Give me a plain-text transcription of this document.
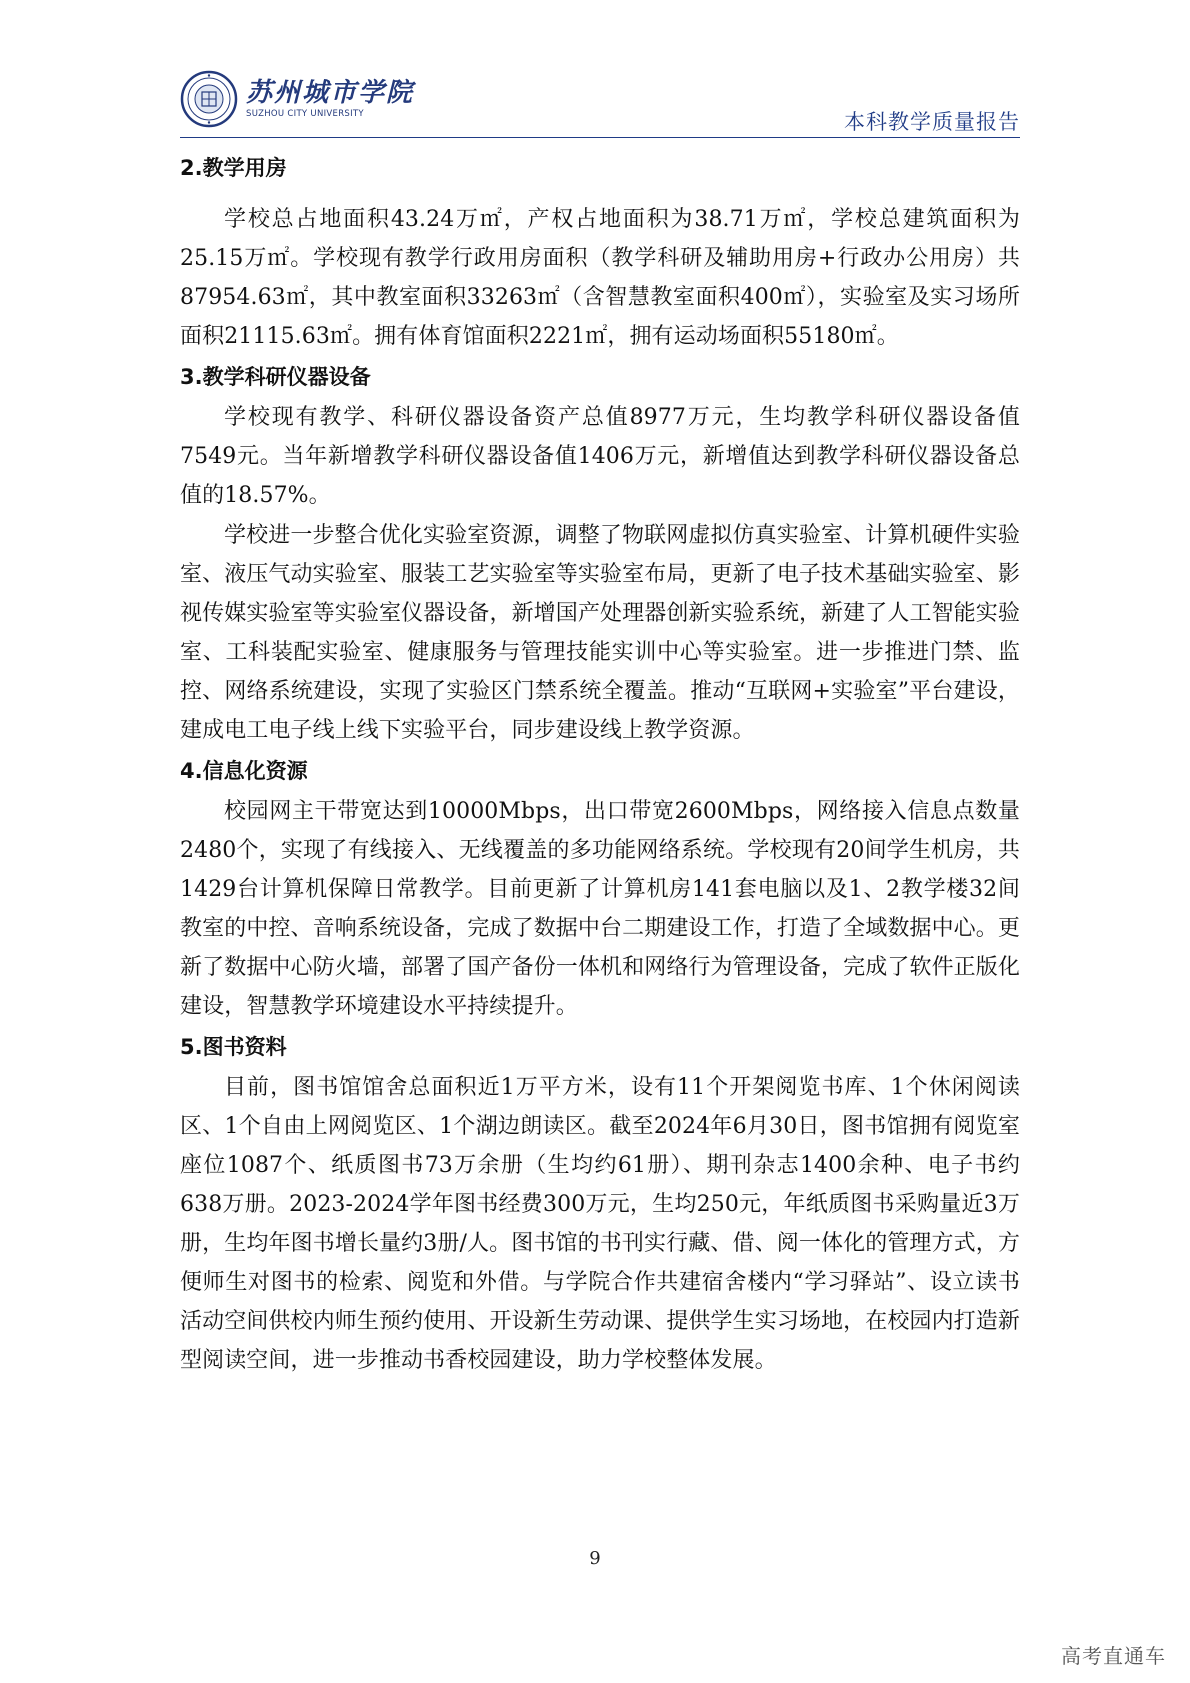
苏州城市学院
SUZHOU CITY UNIVERSITY	本科教学质量报告
2.教学用房

学校总占地面积43.24万㎡，产权占地面积为38.71万㎡，学校总建筑面积为25.15万㎡。学校现有教学行政用房面积（教学科研及辅助用房+行政办公用房）共87954.63㎡，其中教室面积33263㎡（含智慧教室面积400㎡），实验室及实习场所面积21115.63㎡。拥有体育馆面积2221㎡，拥有运动场面积55180㎡。

3.教学科研仪器设备

学校现有教学、科研仪器设备资产总值8977万元，生均教学科研仪器设备值7549元。当年新增教学科研仪器设备值1406万元，新增值达到教学科研仪器设备总值的18.57%。

学校进一步整合优化实验室资源，调整了物联网虚拟仿真实验室、计算机硬件实验室、液压气动实验室、服装工艺实验室等实验室布局，更新了电子技术基础实验室、影视传媒实验室等实验室仪器设备，新增国产处理器创新实验系统，新建了人工智能实验室、工科装配实验室、健康服务与管理技能实训中心等实验室。进一步推进门禁、监控、网络系统建设，实现了实验区门禁系统全覆盖。推动“互联网+实验室”平台建设，建成电工电子线上线下实验平台，同步建设线上教学资源。

4.信息化资源

校园网主干带宽达到10000Mbps，出口带宽2600Mbps，网络接入信息点数量2480个，实现了有线接入、无线覆盖的多功能网络系统。学校现有20间学生机房，共1429台计算机保障日常教学。目前更新了计算机房141套电脑以及1、2教学楼32间教室的中控、音响系统设备，完成了数据中台二期建设工作，打造了全域数据中心。更新了数据中心防火墙，部署了国产备份一体机和网络行为管理设备，完成了软件正版化建设，智慧教学环境建设水平持续提升。

5.图书资料

目前，图书馆馆舍总面积近1万平方米，设有11个开架阅览书库、1个休闲阅读区、1个自由上网阅览区、1个湖边朗读区。截至2024年6月30日，图书馆拥有阅览室座位1087个、纸质图书73万余册（生均约61册）、期刊杂志1400余种、电子书约638万册。2023-2024学年图书经费300万元，生均250元，年纸质图书采购量近3万册，生均年图书增长量约3册/人。图书馆的书刊实行藏、借、阅一体化的管理方式，方便师生对图书的检索、阅览和外借。与学院合作共建宿舍楼内“学习驿站”、设立读书活动空间供校内师生预约使用、开设新生劳动课、提供学生实习场地，在校园内打造新型阅读空间，进一步推动书香校园建设，助力学校整体发展。

9
高考直通车
